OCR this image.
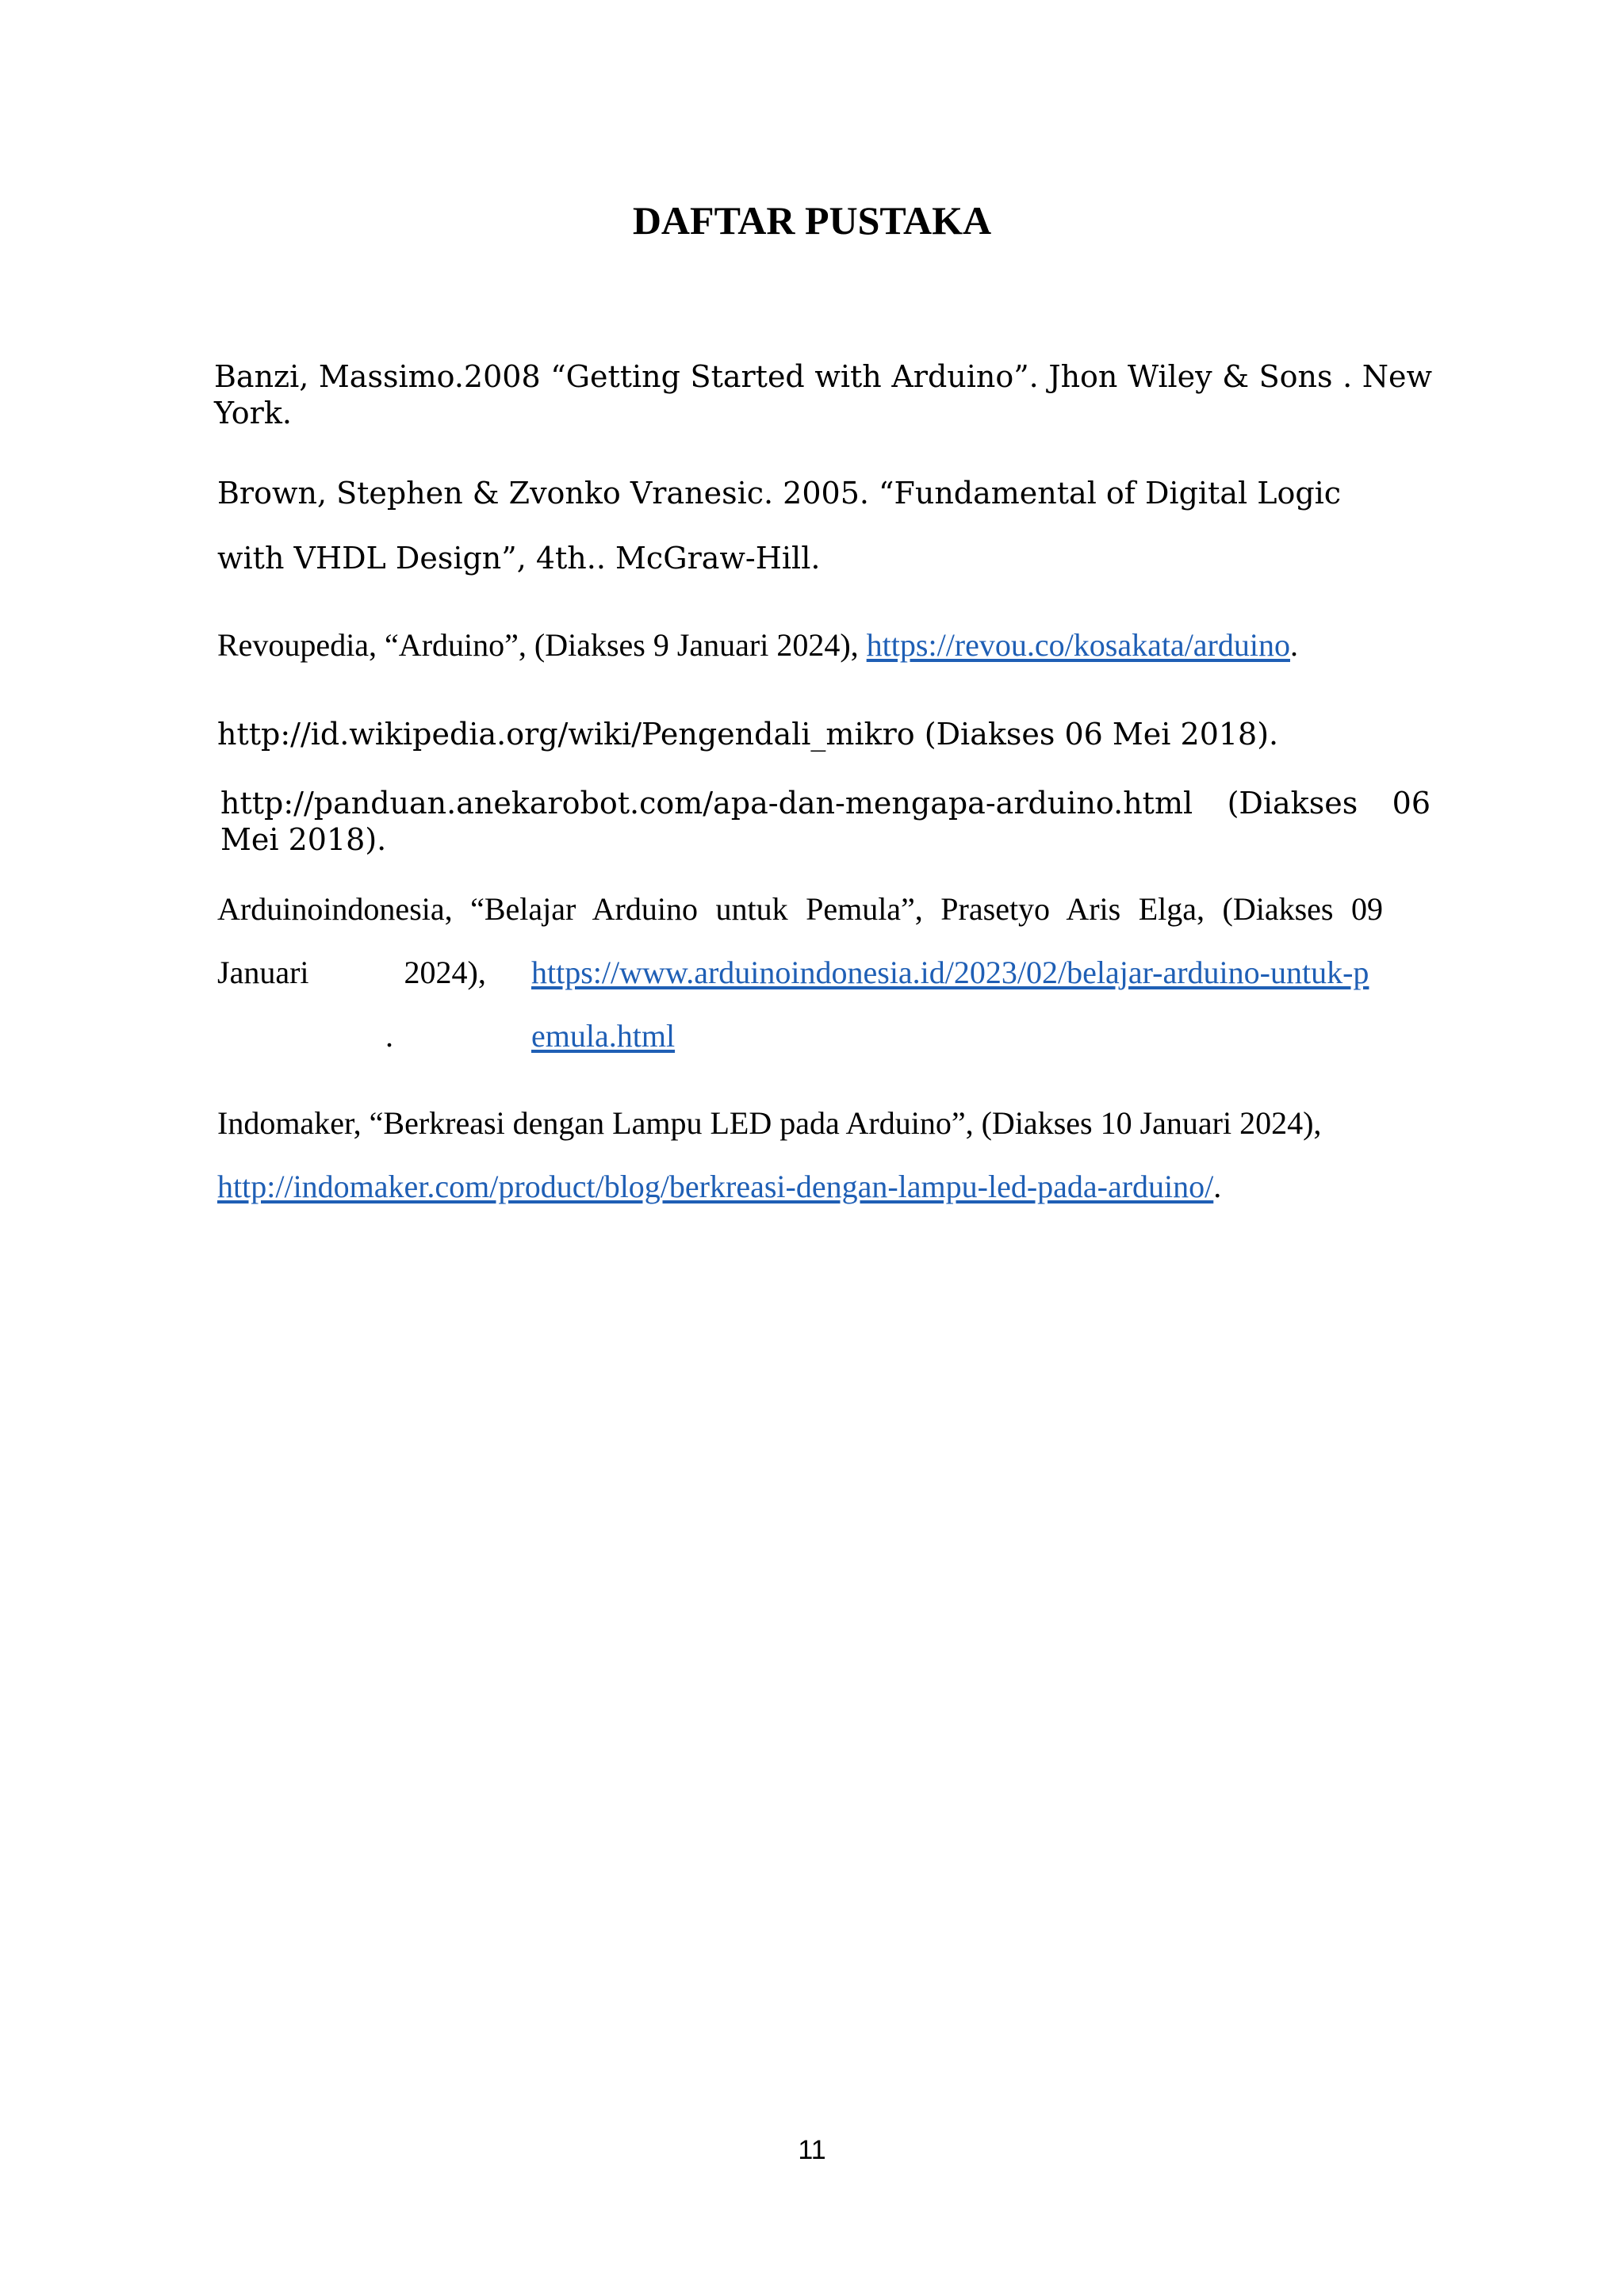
DAFTAR PUSTAKA

Banzi, Massimo.2008 “Getting Started with Arduino”. Jhon Wiley & Sons . New York.

Brown, Stephen & Zvonko Vranesic. 2005. “Fundamental of Digital Logic with VHDL Design”, 4th.. McGraw-Hill.

Revoupedia, “Arduino”, (Diakses 9 Januari 2024), https://revou.co/kosakata/arduino.

http://id.wikipedia.org/wiki/Pengendali_mikro (Diakses 06 Mei 2018).

http://panduan.anekarobot.com/apa-dan-mengapa-arduino.html (Diakses 06 Mei 2018).

Arduinoindonesia, “Belajar Arduino untuk Pemula”, Prasetyo Aris Elga, (Diakses 09
Januari 2024), https://www.arduinoindonesia.id/2023/02/belajar-arduino-untuk-pemula.html
.

Indomaker, “Berkreasi dengan Lampu LED pada Arduino”, (Diakses 10 Januari 2024), http://indomaker.com/product/blog/berkreasi-dengan-lampu-led-pada-arduino/.

11
